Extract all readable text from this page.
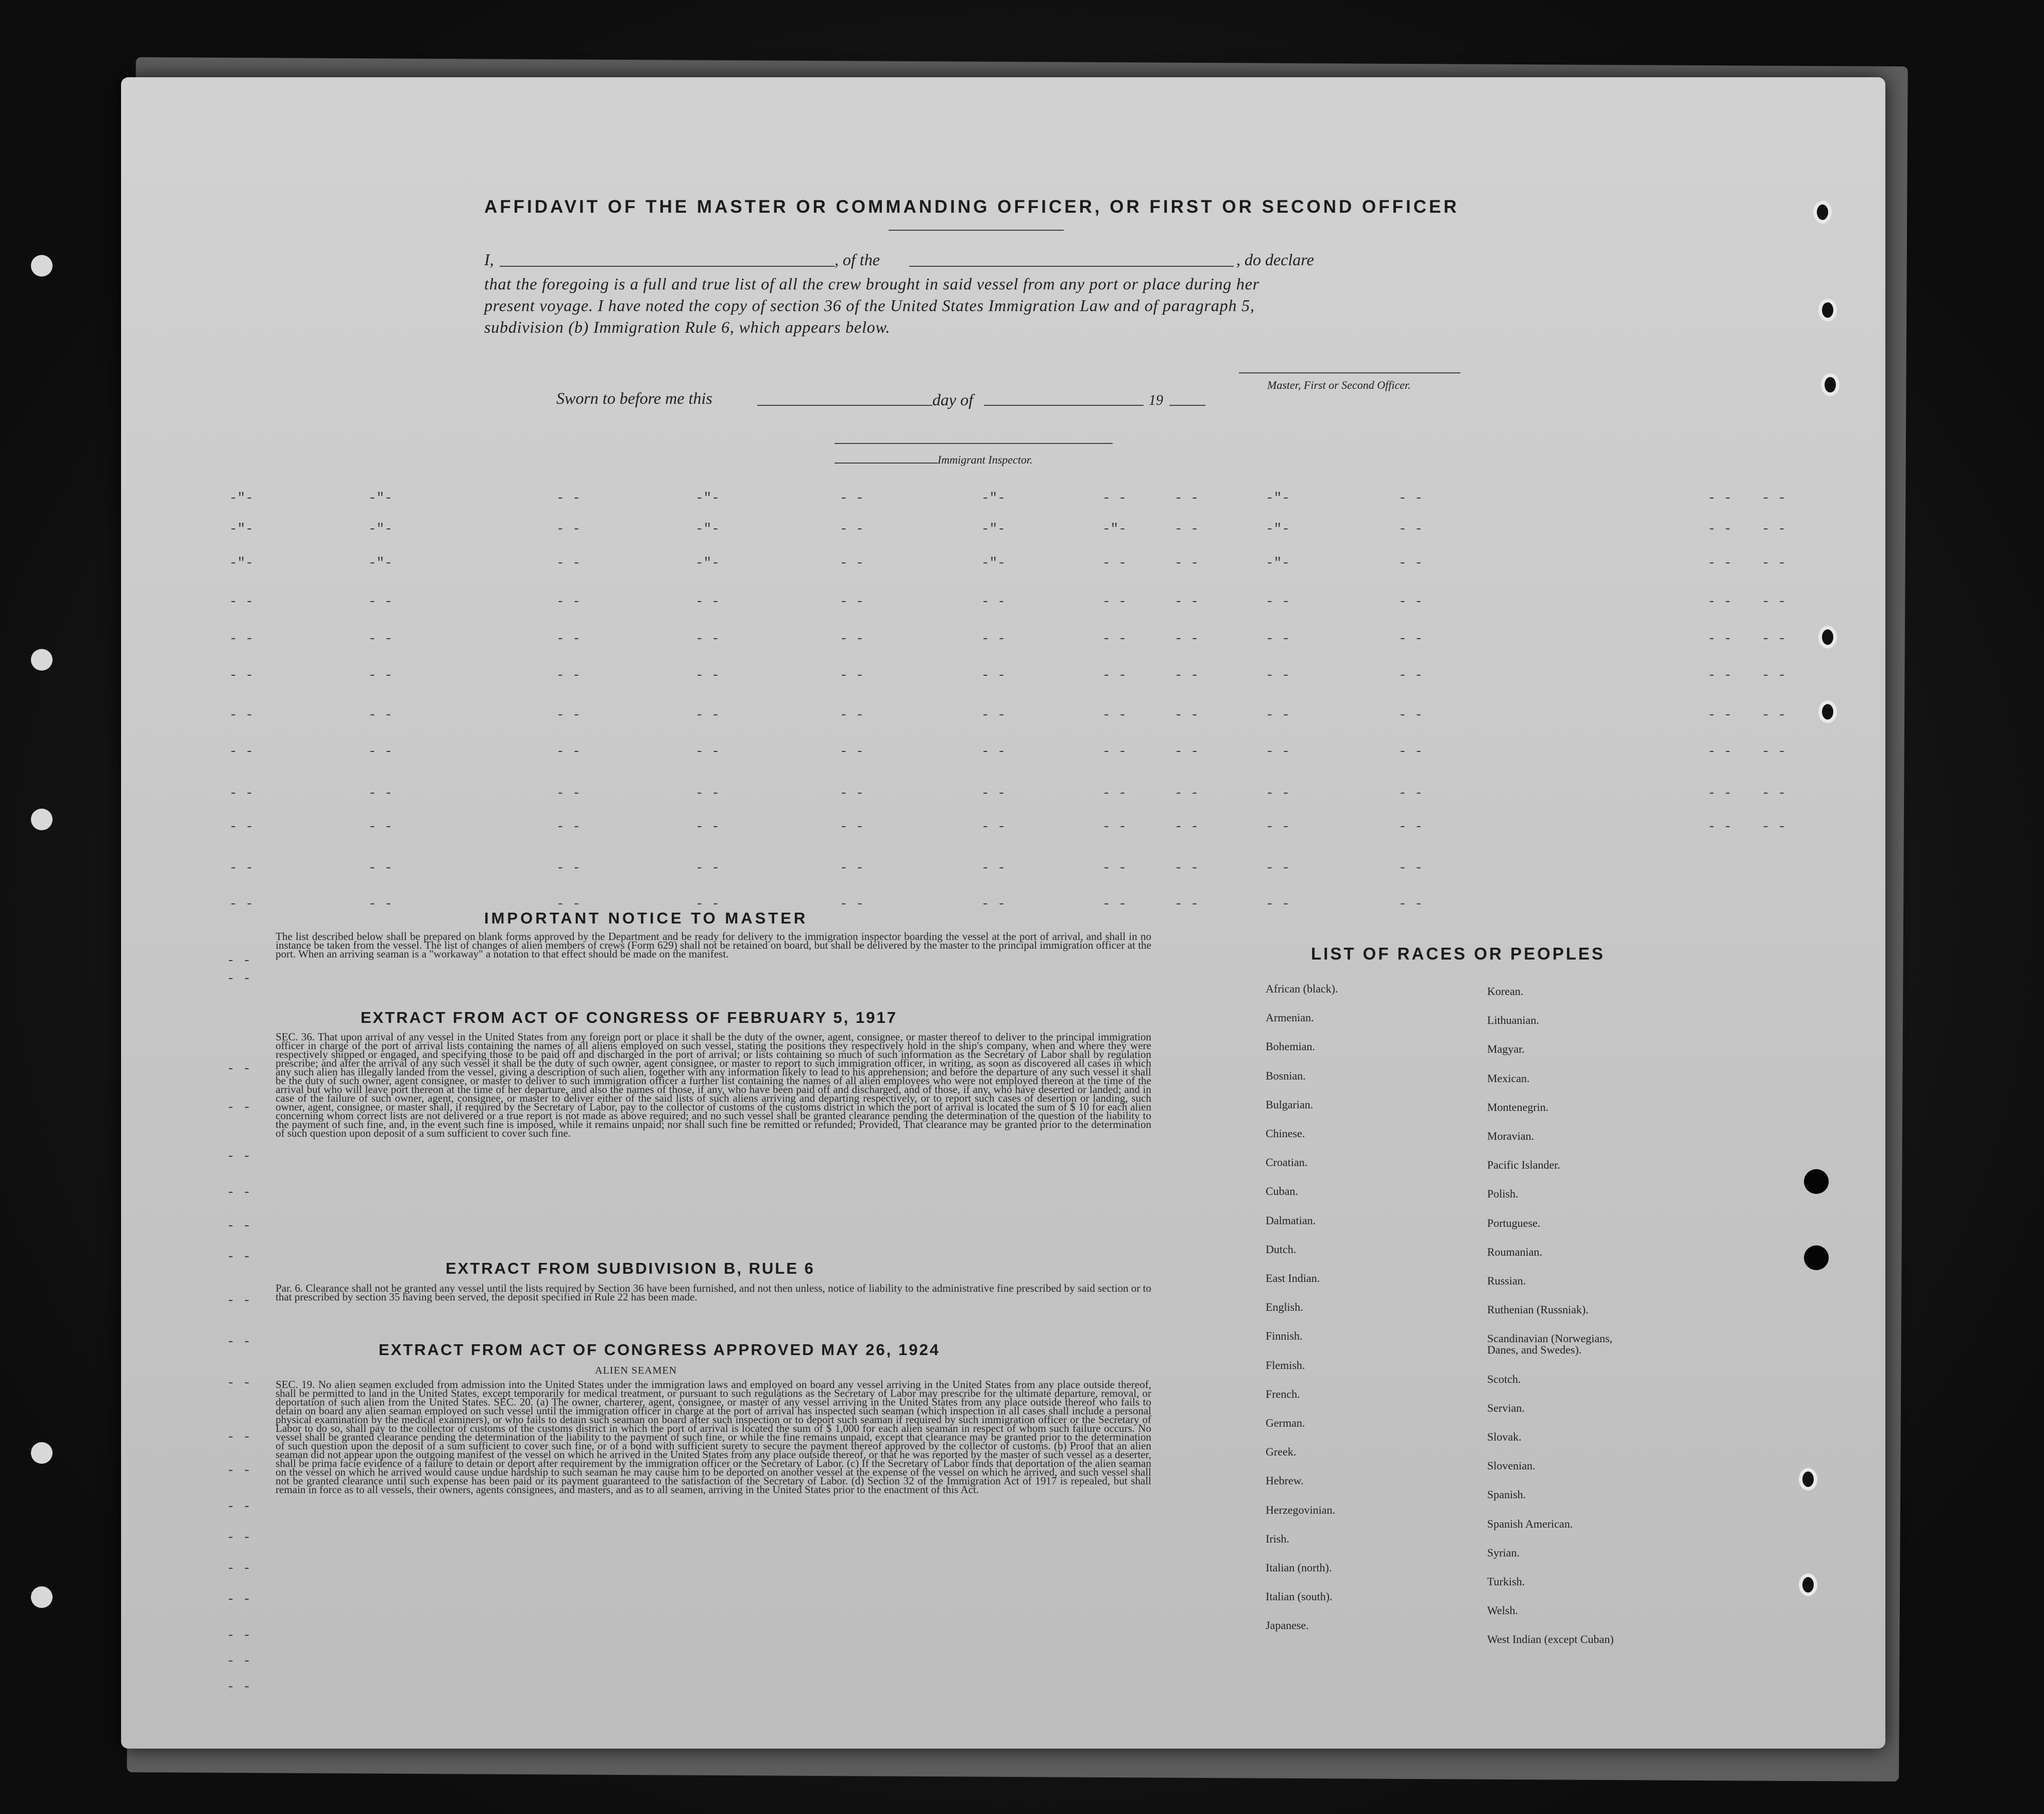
AFFIDAVIT OF THE MASTER OR COMMANDING OFFICER, OR FIRST OR SECOND OFFICER
I,	, of the	, do declare
that the foregoing is a full and true list of all the crew brought in said vessel from any port or place during her
present voyage. I have noted the copy of section 36 of the United States Immigration Law and of paragraph 5,
subdivision (b) Immigration Rule 6, which appears below.
Master, First or Second Officer.
Sworn to before me this	day of	19
Immigrant Inspector.
-"-	-"-	- -	-"-	- -	-"-	- -	- -	-"-	- -	- - - -
-"-	-"-	- -	-"-	- -	-"-	-"-	- -	-"-	- -	- - - -
-"-	-"-	- -	-"-	- -	-"-	- -	- -	-"-	- -	- - - -
- -	- -	- -	- -	- -	- -	- -	- -	- -	- -	- - - -
- -	- -	- -	- -	- -	- -	- -	- -	- -	- -	- - - -
- -	- -	- -	- -	- -	- -	- -	- -	- -	- -	- - - -
- -	- -	- -	- -	- -	- -	- -	- -	- -	- -	- - - -
- -	- -	- -	- -	- -	- -	- -	- -	- -	- -	- - - -
- -	- -	- -	- -	- -	- -	- -	- -	- -	- -	- - - -
- -	- -	- -	- -	- -	- -	- -	- -	- -	- -	- - - -
- -	- -	- -	- -	- -	- -	- -	- -	- -	- -
- -	- -	- -	- -	- -	- -	- -	- -	- -	- -
- -
- -
- -
- -
- -
- -
- -
- -
- -
- -
- -
- -
- -
- -
- -
- -
- -
- -
- -
- -
IMPORTANT NOTICE TO MASTER
The list described below shall be prepared on blank forms approved by the Department and be ready for delivery to the immigration inspector boarding the vessel at the port of arrival, and shall in no instance be taken from the vessel. The list of changes of alien members of crews (Form 629) shall not be retained on board, but shall be delivered by the master to the principal immigration officer at the port. When an arriving seaman is a "workaway" a notation to that effect should be made on the manifest.
EXTRACT FROM ACT OF CONGRESS OF FEBRUARY 5, 1917
SEC. 36. That upon arrival of any vessel in the United States from any foreign port or place it shall be the duty of the owner, agent, consignee, or master thereof to deliver to the principal immigration officer in charge of the port of arrival lists containing the names of all aliens employed on such vessel, stating the positions they respectively hold in the ship's company, when and where they were respectively shipped or engaged, and specifying those to be paid off and discharged in the port of arrival; or lists containing so much of such information as the Secretary of Labor shall by regulation prescribe; and after the arrival of any such vessel it shall be the duty of such owner, agent consignee, or master to report to such immigration officer, in writing, as soon as discovered all cases in which any such alien has illegally landed from the vessel, giving a description of such alien, together with any information likely to lead to his apprehension; and before the departure of any such vessel it shall be the duty of such owner, agent consignee, or master to deliver to such immigration officer a further list containing the names of all alien employees who were not employed thereon at the time of the arrival but who will leave port thereon at the time of her departure, and also the names of those, if any, who have been paid off and discharged, and of those, if any, who have deserted or landed; and in case of the failure of such owner, agent, consignee, or master to deliver either of the said lists of such aliens arriving and departing respectively, or to report such cases of desertion or landing, such owner, agent, consignee, or master shall, if required by the Secretary of Labor, pay to the collector of customs of the customs district in which the port of arrival is located the sum of $ 10 for each alien concerning whom correct lists are not delivered or a true report is not made as above required; and no such vessel shall be granted clearance pending the determination of the question of the liability to the payment of such fine, and, in the event such fine is imposed, while it remains unpaid; nor shall such fine be remitted or refunded; Provided, That clearance may be granted prior to the determination of such question upon deposit of a sum sufficient to cover such fine.
EXTRACT FROM SUBDIVISION B, RULE 6
Par. 6. Clearance shall not be granted any vessel until the lists required by Section 36 have been furnished, and not then unless, notice of liability to the administrative fine prescribed by said section or to that prescribed by section 35 having been served, the deposit specified in Rule 22 has been made.
EXTRACT FROM ACT OF CONGRESS APPROVED MAY 26, 1924
ALIEN SEAMEN
SEC. 19. No alien seamen excluded from admission into the United States under the immigration laws and employed on board any vessel arriving in the United States from any place outside thereof, shall be permitted to land in the United States, except temporarily for medical treatment, or pursuant to such regulations as the Secretary of Labor may prescribe for the ultimate departure, removal, or deportation of such alien from the United States. SEC. 20. (a) The owner, charterer, agent, consignee, or master of any vessel arriving in the United States from any place outside thereof who fails to detain on board any alien seaman employed on such vessel until the immigration officer in charge at the port of arrival has inspected such seaman (which inspection in all cases shall include a personal physical examination by the medical examiners), or who fails to detain such seaman on board after such inspection or to deport such seaman if required by such immigration officer or the Secretary of Labor to do so, shall pay to the collector of customs of the customs district in which the port of arrival is located the sum of $ 1,000 for each alien seaman in respect of whom such failure occurs. No vessel shall be granted clearance pending the determination of the liability to the payment of such fine, or while the fine remains unpaid, except that clearance may be granted prior to the determination of such question upon the deposit of a sum sufficient to cover such fine, or of a bond with sufficient surety to secure the payment thereof approved by the collector of customs. (b) Proof that an alien seaman did not appear upon the outgoing manifest of the vessel on which he arrived in the United States from any place outside thereof, or that he was reported by the master of such vessel as a deserter, shall be prima facie evidence of a failure to detain or deport after requirement by the immigration officer or the Secretary of Labor. (c) If the Secretary of Labor finds that deportation of the alien seaman on the vessel on which he arrived would cause undue hardship to such seaman he may cause him to be deported on another vessel at the expense of the vessel on which he arrived, and such vessel shall not be granted clearance until such expense has been paid or its payment guaranteed to the satisfaction of the Secretary of Labor. (d) Section 32 of the Immigration Act of 1917 is repealed, but shall remain in force as to all vessels, their owners, agents consignees, and masters, and as to all seamen, arriving in the United States prior to the enactment of this Act.
LIST OF RACES OR PEOPLES
African (black).
Armenian.
Bohemian.
Bosnian.
Bulgarian.
Chinese.
Croatian.
Cuban.
Dalmatian.
Dutch.
East Indian.
English.
Finnish.
Flemish.
French.
German.
Greek.
Hebrew.
Herzegovinian.
Irish.
Italian (north).
Italian (south).
Japanese.
Korean.
Lithuanian.
Magyar.
Mexican.
Montenegrin.
Moravian.
Pacific Islander.
Polish.
Portuguese.
Roumanian.
Russian.
Ruthenian (Russniak).
Scandinavian (Norwegians,
Danes, and Swedes).
Scotch.
Servian.
Slovak.
Slovenian.
Spanish.
Spanish American.
Syrian.
Turkish.
Welsh.
West Indian (except Cuban)
